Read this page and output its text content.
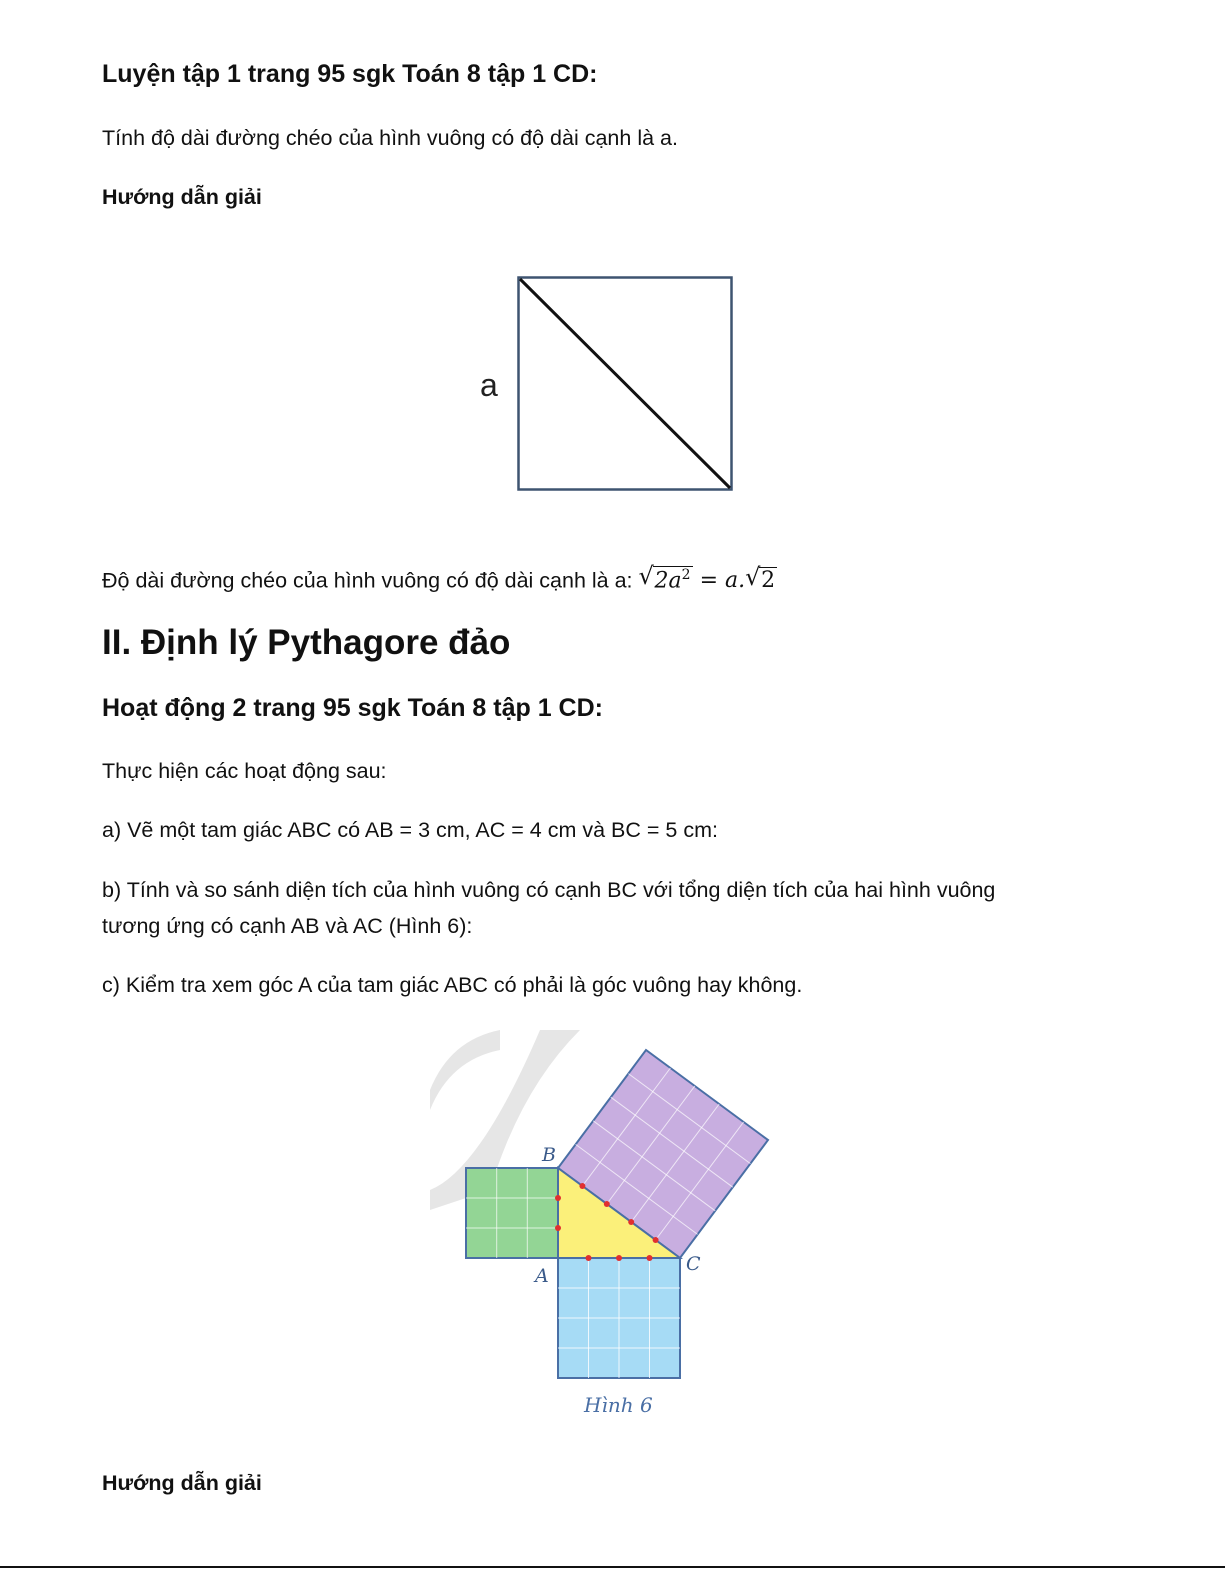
Luyện tập 1 trang 95 sgk Toán 8 tập 1 CD:

Tính độ dài đường chéo của hình vuông có độ dài cạnh là a.

Hướng dẫn giải

a

Độ dài đường chéo của hình vuông có độ dài cạnh là a: √ $2a^2 = a$. √ 2

II. Định lý Pythagore đảo
Hoạt động 2 trang 95 sgk Toán 8 tập 1 CD:

Thực hiện các hoạt động sau:

a) Vẽ một tam giác ABC có AB = 3 cm, AC = 4 cm và BC = 5 cm:

b) Tính và so sánh diện tích của hình vuông có cạnh BC với tổng diện tích của hai hình vuông

tương ứng có cạnh AB và AC (Hình 6):

c) Kiểm tra xem góc A của tam giác ABC có phải là góc vuông hay không.

B
A
C
Hình 6

Hướng dẫn giải
